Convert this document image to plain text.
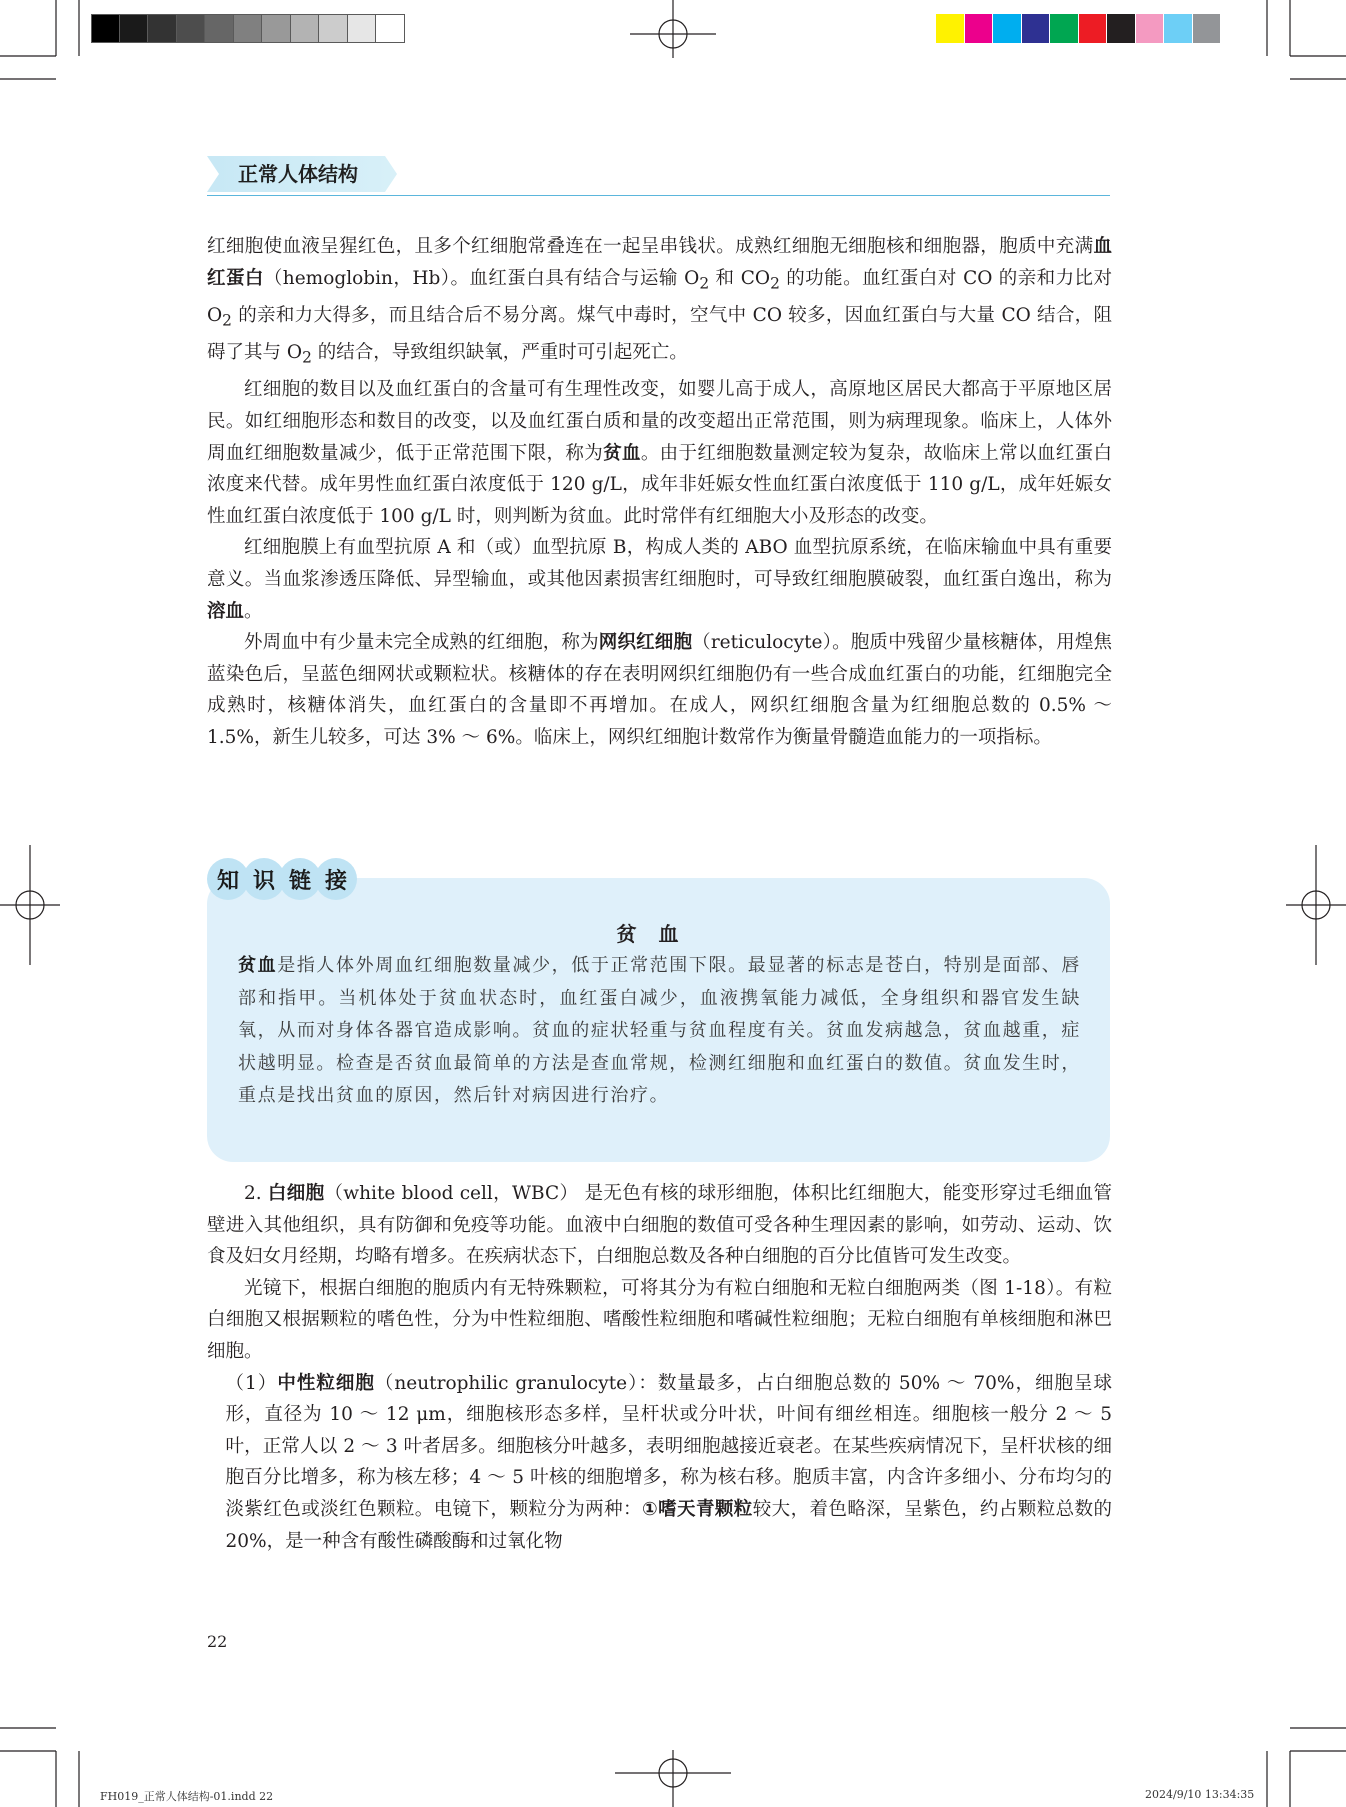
正常人体结构

红细胞使血液呈猩红色，且多个红细胞常叠连在一起呈串钱状。成熟红细胞无细胞核和细胞器，胞质中充满血红蛋白（hemoglobin，Hb）。血红蛋白具有结合与运输 $O_2$ 和 $CO_2$ 的功能。血红蛋白对 CO 的亲和力比对 $O_2$ 的亲和力大得多，而且结合后不易分离。煤气中毒时，空气中 CO 较多，因血红蛋白与大量 CO 结合，阻碍了其与 $O_2$ 的结合，导致组织缺氧，严重时可引起死亡。

红细胞的数目以及血红蛋白的含量可有生理性改变，如婴儿高于成人，高原地区居民大都高于平原地区居民。如红细胞形态和数目的改变，以及血红蛋白质和量的改变超出正常范围，则为病理现象。临床上，人体外周血红细胞数量减少，低于正常范围下限，称为贫血。由于红细胞数量测定较为复杂，故临床上常以血红蛋白浓度来代替。成年男性血红蛋白浓度低于 120 g/L，成年非妊娠女性血红蛋白浓度低于 110 g/L，成年妊娠女性血红蛋白浓度低于 100 g/L 时，则判断为贫血。此时常伴有红细胞大小及形态的改变。

红细胞膜上有血型抗原 A 和（或）血型抗原 B，构成人类的 ABO 血型抗原系统，在临床输血中具有重要意义。当血浆渗透压降低、异型输血，或其他因素损害红细胞时，可导致红细胞膜破裂，血红蛋白逸出，称为溶血。

外周血中有少量未完全成熟的红细胞，称为网织红细胞（reticulocyte）。胞质中残留少量核糖体，用煌焦蓝染色后，呈蓝色细网状或颗粒状。核糖体的存在表明网织红细胞仍有一些合成血红蛋白的功能，红细胞完全成熟时，核糖体消失，血红蛋白的含量即不再增加。在成人，网织红细胞含量为红细胞总数的 0.5% ～ 1.5%，新生儿较多，可达 3% ～ 6%。临床上，网织红细胞计数常作为衡量骨髓造血能力的一项指标。

知 识 链 接
贫血

贫血是指人体外周血红细胞数量减少，低于正常范围下限。最显著的标志是苍白，特别是面部、唇部和指甲。当机体处于贫血状态时，血红蛋白减少，血液携氧能力减低，全身组织和器官发生缺氧，从而对身体各器官造成影响。贫血的症状轻重与贫血程度有关。贫血发病越急，贫血越重，症状越明显。检查是否贫血最简单的方法是查血常规，检测红细胞和血红蛋白的数值。贫血发生时，重点是找出贫血的原因，然后针对病因进行治疗。

2. 白细胞（white blood cell，WBC） 是无色有核的球形细胞，体积比红细胞大，能变形穿过毛细血管壁进入其他组织，具有防御和免疫等功能。血液中白细胞的数值可受各种生理因素的影响，如劳动、运动、饮食及妇女月经期，均略有增多。在疾病状态下，白细胞总数及各种白细胞的百分比值皆可发生改变。

光镜下，根据白细胞的胞质内有无特殊颗粒，可将其分为有粒白细胞和无粒白细胞两类（图 1-18）。有粒白细胞又根据颗粒的嗜色性，分为中性粒细胞、嗜酸性粒细胞和嗜碱性粒细胞；无粒白细胞有单核细胞和淋巴细胞。

（1）中性粒细胞（neutrophilic granulocyte）：数量最多，占白细胞总数的 50% ～ 70%，细胞呈球形，直径为 10 ～ 12 μm，细胞核形态多样，呈杆状或分叶状，叶间有细丝相连。细胞核一般分 2 ～ 5 叶，正常人以 2 ～ 3 叶者居多。细胞核分叶越多，表明细胞越接近衰老。在某些疾病情况下，呈杆状核的细胞百分比增多，称为核左移；4 ～ 5 叶核的细胞增多，称为核右移。胞质丰富，内含许多细小、分布均匀的淡紫红色或淡红色颗粒。电镜下，颗粒分为两种：①嗜天青颗粒较大，着色略深，呈紫色，约占颗粒总数的 20%，是一种含有酸性磷酸酶和过氧化物

22
FH019_正常人体结构-01.indd 22	2024/9/10 13:34:35
